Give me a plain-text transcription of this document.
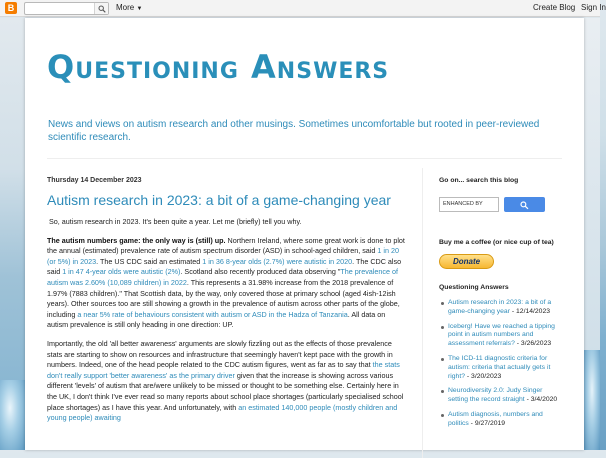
B	More ▼	Create Blog Sign In
Questioning Answers
News and views on autism research and other musings. Sometimes uncomfortable but rooted in peer-reviewed scientific research.
Thursday 14 December 2023
Autism research in 2023: a bit of a game-changing year

So, autism research in 2023. It's been quite a year. Let me (briefly) tell you why.

The autism numbers game: the only way is (still) up. Northern Ireland, where some great work is done to plot the annual (estimated) prevalence rate of autism spectrum disorder (ASD) in school-aged children, said 1 in 20 (or 5%) in 2023. The US CDC said an estimated 1 in 36 8-year olds (2.7%) were autistic in 2020. The CDC also said 1 in 47 4-year olds were autistic (2%). Scotland also recently produced data observing "The prevalence of autism was 2.60% (10,089 children) in 2022. This represents a 31.98% increase from the 2018 prevalence of 1.97% (7883 children)." That Scottish data, by the way, only covered those at primary school (aged 4ish-12ish years). Other sources too are still showing a growth in the prevalence of autism across other parts of the globe, including a near 5% rate of behaviours consistent with autism or ASD in the Hadza of Tanzania. All data on autism prevalence is still only heading in one direction: UP.

Importantly, the old 'all better awareness' arguments are slowly fizzling out as the effects of those prevalence stats are starting to show on resources and infrastructure that seemingly haven't kept pace with the growth in numbers. Indeed, one of the head people related to the CDC autism figures, went as far as to say that the stats don't really support 'better awareness' as the primary driver given that the increase is showing across various different 'levels' of autism that are/were unlikely to be missed or thought to be something else. Certainly here in the UK, I don't think I've ever read so many reports about school place shortages (particularly specialised school place shortages) as I have this year. And unfortunately, with an estimated 140,000 people (mostly children and young people) awaiting

Go on... search this blog
ENHANCED BY
Buy me a coffee (or nice cup of tea)
Donate
Questioning Answers
Autism research in 2023: a bit of a game-changing year - 12/14/2023
Iceberg! Have we reached a tipping point in autism numbers and assessment referrals? - 3/26/2023
The ICD-11 diagnostic criteria for autism: criteria that actually gets it right? - 3/20/2023
Neurodiversity 2.0: Judy Singer setting the record straight - 3/4/2020
Autism diagnosis, numbers and politics - 9/27/2019
